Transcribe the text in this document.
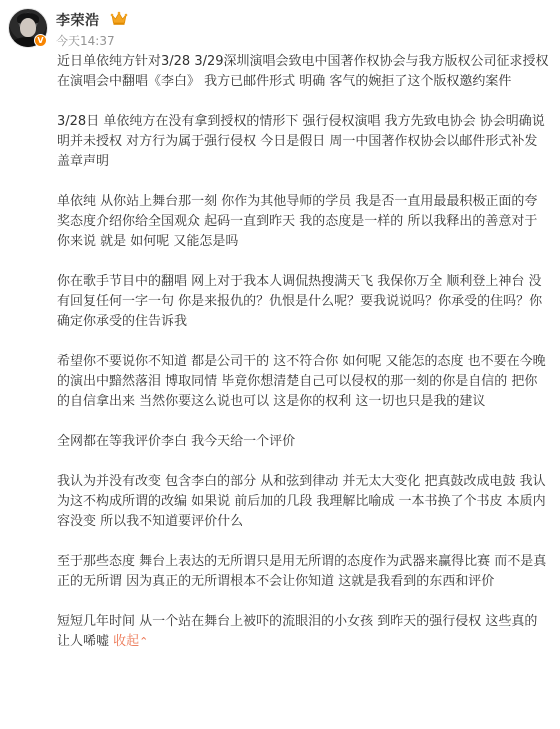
V
李荣浩
今天14:37

近日单依纯方针对3/28 3/29深圳演唱会致电中国著作权协会与我方版权公司征求授权在演唱会中翻唱《李白》 我方已邮件形式 明确 客气的婉拒了这个版权邀约案件

3/28日 单依纯方在没有拿到授权的情形下 强行侵权演唱 我方先致电协会 协会明确说明并未授权 对方行为属于强行侵权 今日是假日 周一中国著作权协会以邮件形式补发盖章声明

单依纯 从你站上舞台那一刻 你作为其他导师的学员 我是否一直用最最积极正面的夸奖态度介绍你给全国观众 起码一直到昨天 我的态度是一样的 所以我释出的善意对于你来说 就是 如何呢 又能怎是吗

你在歌手节目中的翻唱 网上对于我本人调侃热搜满天飞 我保你万全 顺利登上神台 没有回复任何一字一句 你是来报仇的？仇恨是什么呢？要我说说吗？你承受的住吗？你确定你承受的住告诉我

希望你不要说你不知道 都是公司干的 这不符合你 如何呢 又能怎的态度 也不要在今晚的演出中黯然落泪 博取同情 毕竟你想清楚自己可以侵权的那一刻的你是自信的 把你的自信拿出来 当然你要这么说也可以 这是你的权利 这一切也只是我的建议

全网都在等我评价李白 我今天给一个评价

我认为并没有改变 包含李白的部分 从和弦到律动 并无太大变化 把真鼓改成电鼓 我认为这不构成所谓的改编 如果说 前后加的几段 我理解比喻成 一本书换了个书皮 本质内容没变 所以我不知道要评价什么

至于那些态度 舞台上表达的无所谓只是用无所谓的态度作为武器来赢得比赛 而不是真正的无所谓 因为真正的无所谓根本不会让你知道 这就是我看到的东西和评价

短短几年时间 从一个站在舞台上被吓的流眼泪的小女孩 到昨天的强行侵权 这些真的让人唏嘘 收起⌃
